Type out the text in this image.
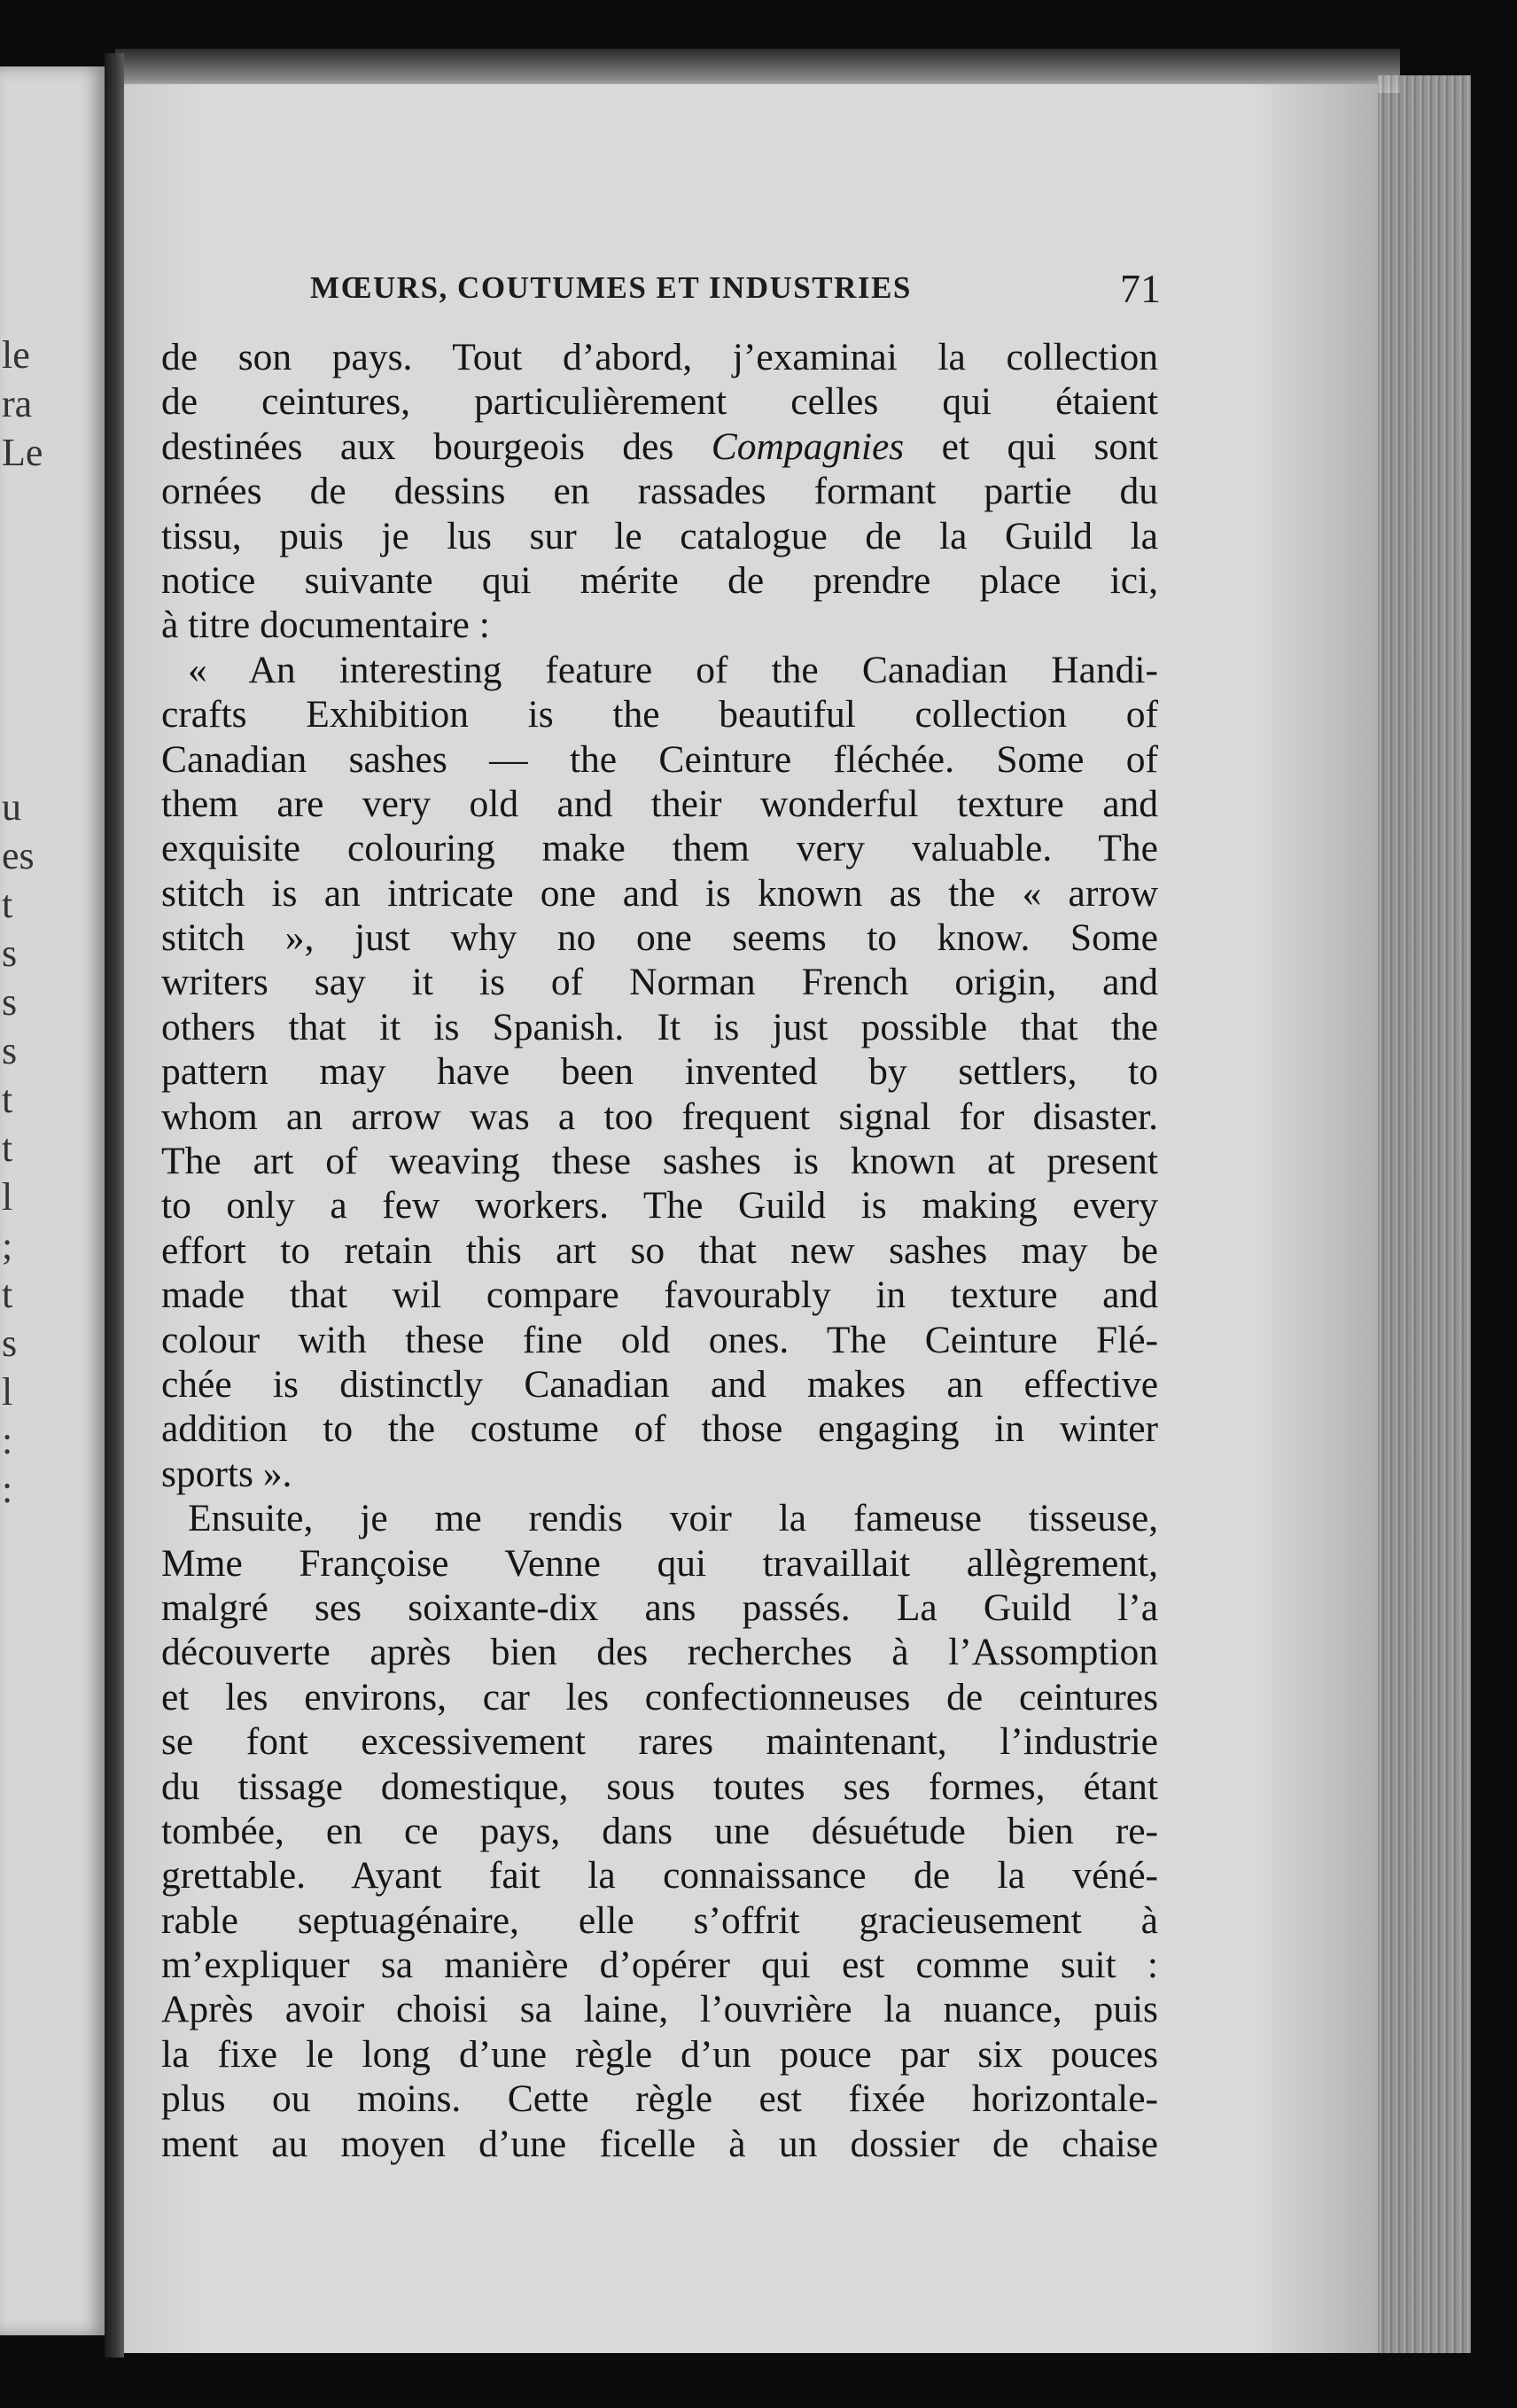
le
ra
Le
u
es
t
s
s
s
t
t
l
;
t
s
l
:
:
MŒURS, COUTUMES ET INDUSTRIES	71
de son pays. Tout d’abord, j’examinai la collection
de ceintures, particulièrement celles qui étaient
destinées aux bourgeois des Compagnies et qui sont
ornées de dessins en rassades formant partie du
tissu, puis je lus sur le catalogue de la Guild la
notice suivante qui mérite de prendre place ici,
à titre documentaire :
« An interesting feature of the Canadian Handi-
crafts Exhibition is the beautiful collection of
Canadian sashes — the Ceinture fléchée. Some of
them are very old and their wonderful texture and
exquisite colouring make them very valuable. The
stitch is an intricate one and is known as the « arrow
stitch », just why no one seems to know. Some
writers say it is of Norman French origin, and
others that it is Spanish. It is just possible that the
pattern may have been invented by settlers, to
whom an arrow was a too frequent signal for disaster.
The art of weaving these sashes is known at present
to only a few workers. The Guild is making every
effort to retain this art so that new sashes may be
made that wil compare favourably in texture and
colour with these fine old ones. The Ceinture Flé-
chée is distinctly Canadian and makes an effective
addition to the costume of those engaging in winter
sports ».
Ensuite, je me rendis voir la fameuse tisseuse,
Mme Françoise Venne qui travaillait allègrement,
malgré ses soixante-dix ans passés. La Guild l’a
découverte après bien des recherches à l’Assomption
et les environs, car les confectionneuses de ceintures
se font excessivement rares maintenant, l’industrie
du tissage domestique, sous toutes ses formes, étant
tombée, en ce pays, dans une désuétude bien re-
grettable. Ayant fait la connaissance de la véné-
rable septuagénaire, elle s’offrit gracieusement à
m’expliquer sa manière d’opérer qui est comme suit :
Après avoir choisi sa laine, l’ouvrière la nuance, puis
la fixe le long d’une règle d’un pouce par six pouces
plus ou moins. Cette règle est fixée horizontale-
ment au moyen d’une ficelle à un dossier de chaise
